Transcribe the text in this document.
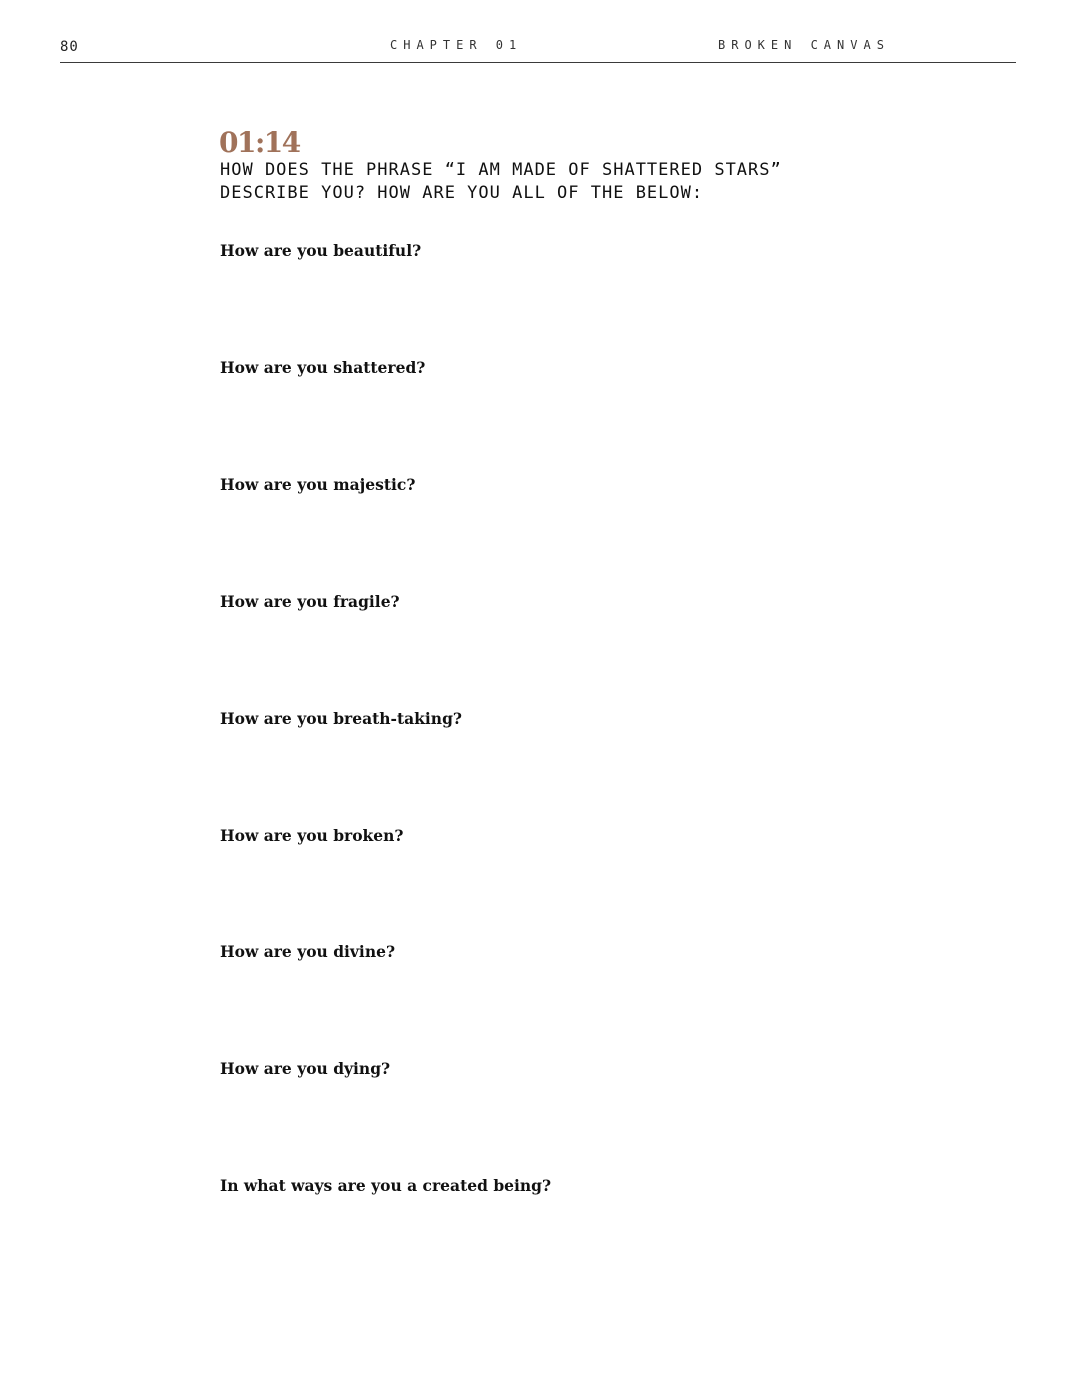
80	CHAPTER 01	BROKEN CANVAS
01:14
HOW DOES THE PHRASE “I AM MADE OF SHATTERED STARS”
DESCRIBE YOU? HOW ARE YOU ALL OF THE BELOW:
How are you beautiful?
How are you shattered?
How are you majestic?
How are you fragile?
How are you breath-taking?
How are you broken?
How are you divine?
How are you dying?
In what ways are you a created being?
